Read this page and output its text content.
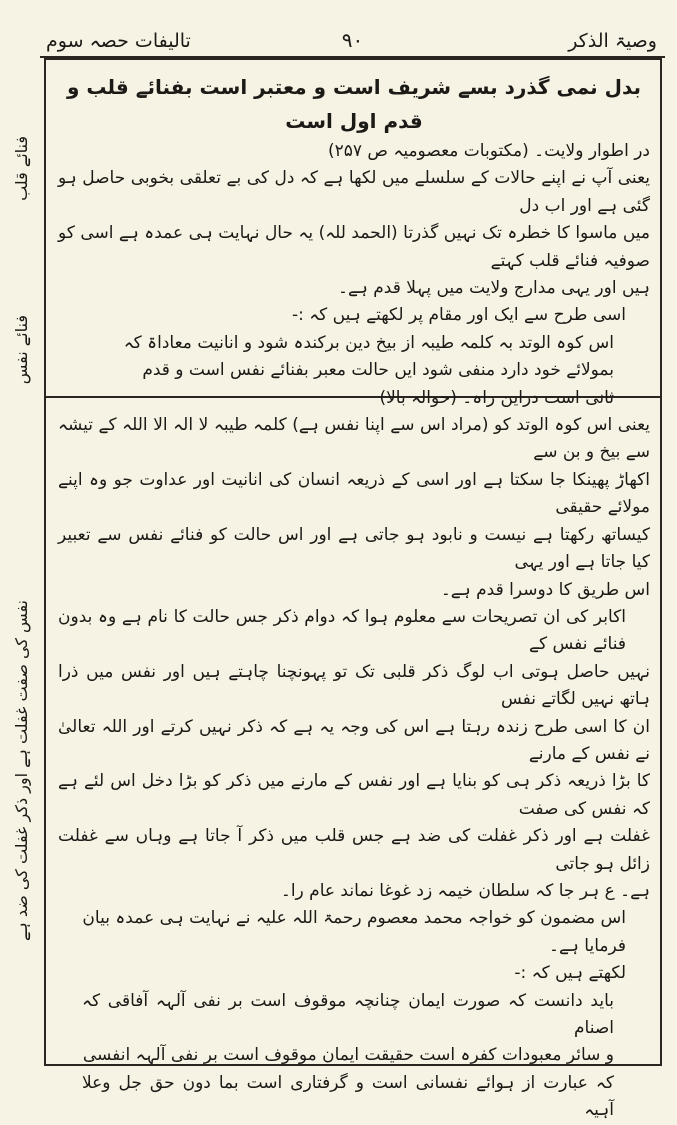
وصیۃ الذکر
۹۰
تالیفات حصہ سوم
فنائے قلب
فنائے نفس
نفس کی صفت غفلت ہے اور ذکر غفلت کی ضد ہے

بدل نمی گذرد بسے شریف است و معتبر است بفنائے قلب و قدم اول است

در اطوار ولایت۔ (مکتوبات معصومیہ ص ۲۵۷)

یعنی آپ نے اپنے حالات کے سلسلے میں لکھا ہے کہ دل کی بے تعلقی بخوبی حاصل ہو گئی ہے اور اب دل

میں ماسوا کا خطرہ تک نہیں گذرتا (الحمد للہ) یہ حال نہایت ہی عمدہ ہے اسی کو صوفیہ فنائے قلب کہتے

ہیں اور یہی مدارج ولایت میں پہلا قدم ہے۔

اسی طرح سے ایک اور مقام پر لکھتے ہیں کہ :-

اس کوہ الوتد بہ کلمہ طیبہ از بیخ دین برکندہ شود و انانیت معاداۃ کہ

بمولائے خود دارد منفی شود ایں حالت معبر بفنائے نفس است و قدم

ثانی است دراین راہ۔ (حوالہ بالا)

یعنی اس کوہ الوتد کو (مراد اس سے اپنا نفس ہے) کلمہ طیبہ لا الہ الا اللہ کے تیشہ سے بیخ و بن سے

اکھاڑ پھینکا جا سکتا ہے اور اسی کے ذریعہ انسان کی انانیت اور عداوت جو وہ اپنے مولائے حقیقی

کیساتھ رکھتا ہے نیست و نابود ہو جاتی ہے اور اس حالت کو فنائے نفس سے تعبیر کیا جاتا ہے اور یہی

اس طریق کا دوسرا قدم ہے۔

اکابر کی ان تصریحات سے معلوم ہوا کہ دوام ذکر جس حالت کا نام ہے وہ بدون فنائے نفس کے

نہیں حاصل ہوتی اب لوگ ذکر قلبی تک تو پہونچنا چاہتے ہیں اور نفس میں ذرا ہاتھ نہیں لگاتے نفس

ان کا اسی طرح زندہ رہتا ہے اس کی وجہ یہ ہے کہ ذکر نہیں کرتے اور اللہ تعالیٰ نے نفس کے مارنے

کا بڑا ذریعہ ذکر ہی کو بنایا ہے اور نفس کے مارنے میں ذکر کو بڑا دخل اس لئے ہے کہ نفس کی صفت

غفلت ہے اور ذکر غفلت کی ضد ہے جس قلب میں ذکر آ جاتا ہے وہاں سے غفلت زائل ہو جاتی

ہے۔ ع ہر جا کہ سلطان خیمہ زد غوغا نماند عام را۔

اس مضمون کو خواجہ محمد معصوم رحمۃ اللہ علیہ نے نہایت ہی عمدہ بیان فرمایا ہے۔

لکھتے ہیں کہ :-

باید دانست کہ صورت ایمان چنانچہ موقوف است بر نفی آلہہ آفاقی کہ اصنام

و سائر معبودات کفرہ است حقیقت ایمان موقوف است بر نفی آلہہ انفسی

کہ عبارت از ہوائے نفسانی است و گرفتاری است بما دون حق جل وعلا آہیہ
